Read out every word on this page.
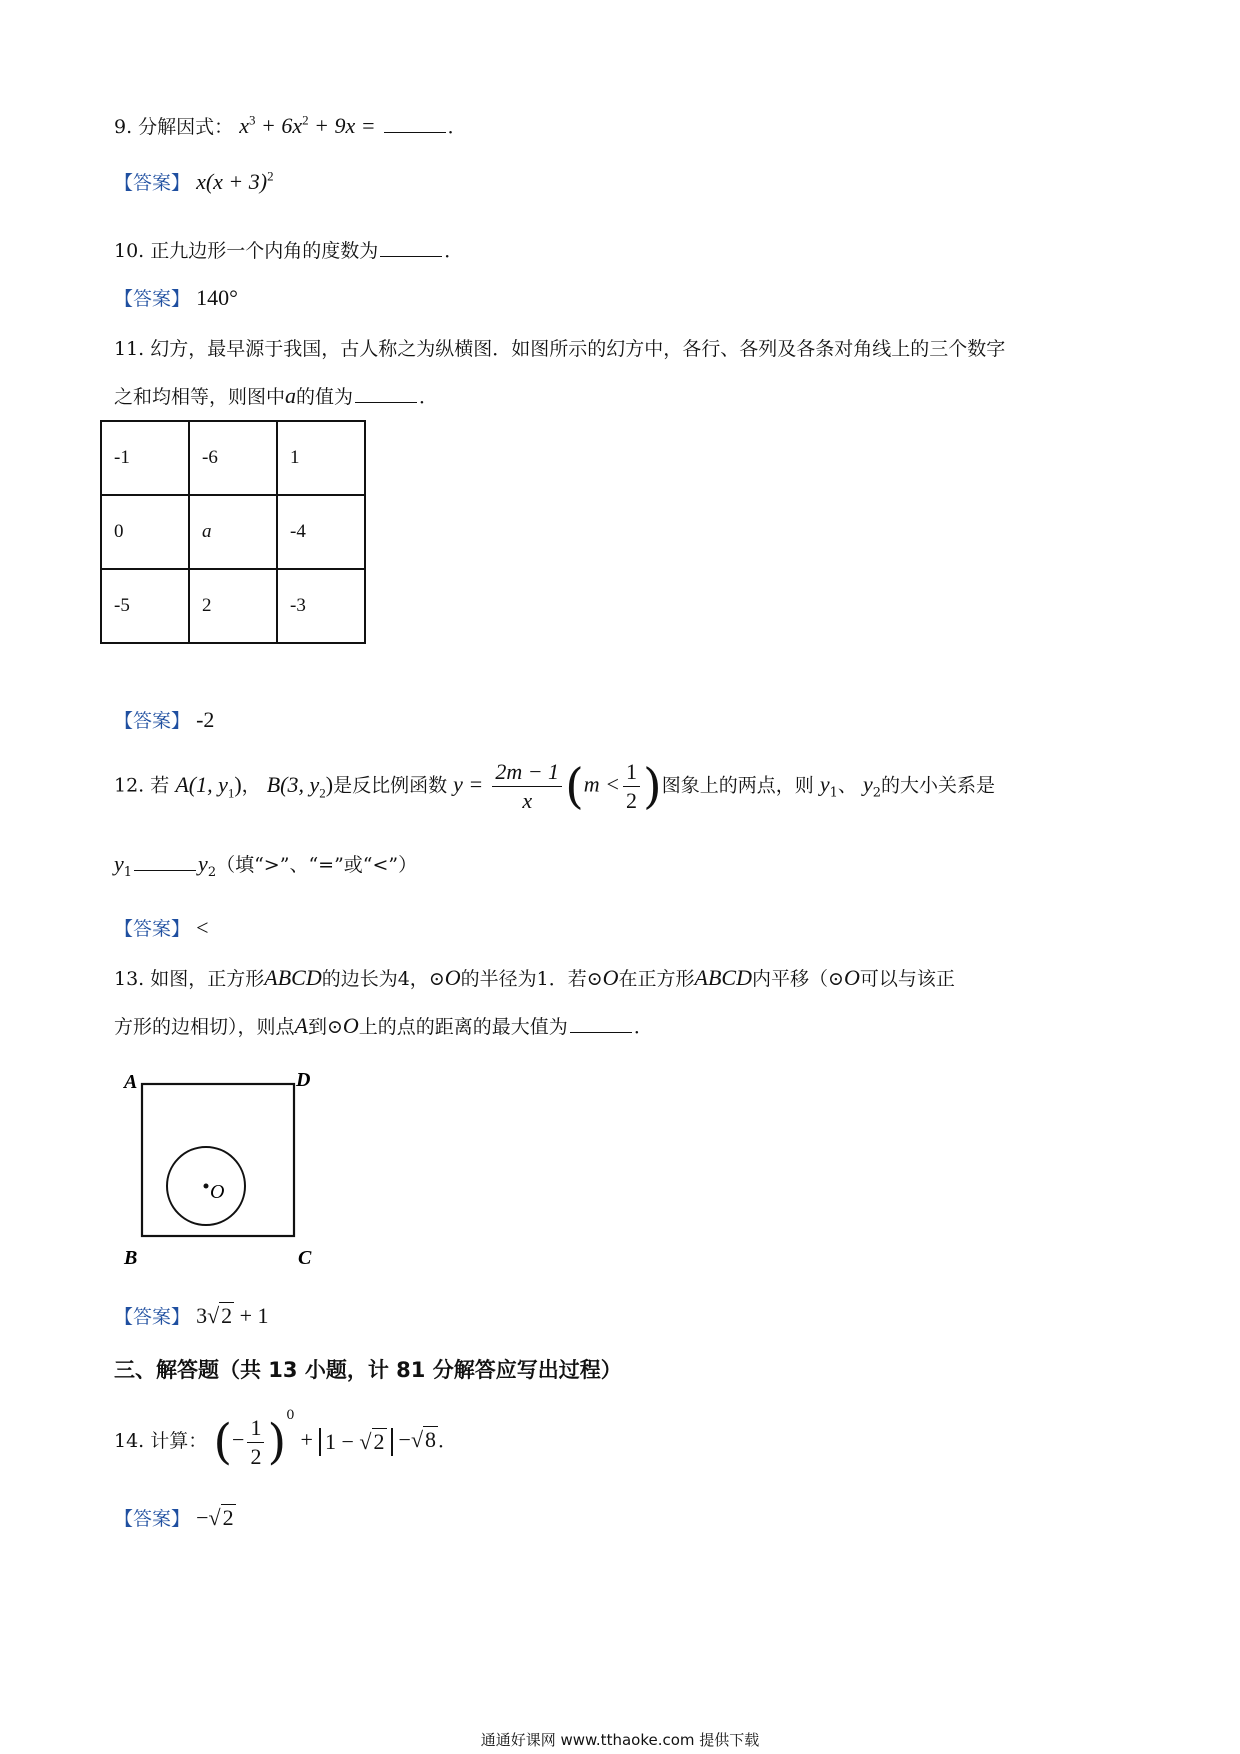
9. 分解因式： $x^3 + 6x^2 + 9x$ =	．
【答案】 $x(x + 3)^2$
10. 正九边形一个内角的度数为	．
【答案】 140°
11. 幻方，最早源于我国，古人称之为纵横图．如图所示的幻方中，各行、各列及各条对角线上的三个数字
之和均相等，则图中a的值为	．
-1	-6	1
0	a	-4
-5	2	-3
【答案】 -2
12. 若 A(1, $y_1$)， B(3, $y_2$)是反比例函数 $y = \frac{2m - 1}{x} (m < \frac{1}{2}$ )图象上的两点，则 $y_1$、 $y_2$的大小关系是
$y_1$	$y_2$（填“>”、“=”或“<”）
【答案】 <
13. 如图，正方形ABCD的边长为4，⊙O的半径为1．若⊙O在正方形ABCD内平移（⊙O可以与该正
方形的边相切），则点A到⊙O上的点的距离的最大值为	．
A	D
B	C
O
【答案】 3√2 + 1
三、解答题（共 13 小题，计 81 分解答应写出过程）
14. 计算： (− $\frac{1}{2} )^0 + 1 - √2 -√8$ ．
【答案】 −√2
通通好课网 www.tthaoke.com 提供下载
